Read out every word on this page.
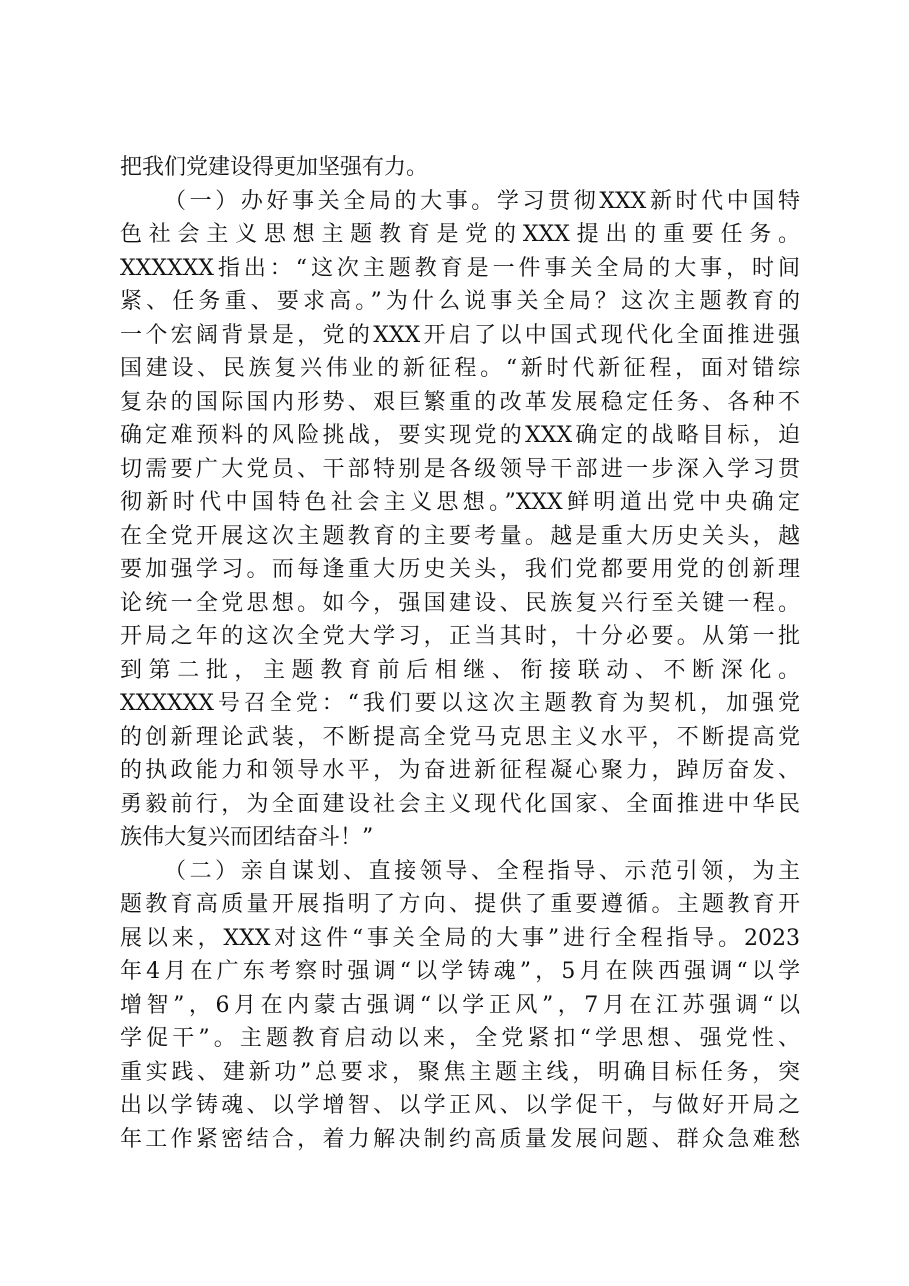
把我们党建设得更加坚强有力。
（一）办好事关全局的大事。学习贯彻XXX新时代中国特
色社会主义思想主题教育是党的XXX提出的重要任务。
XXXXXX指出：“这次主题教育是一件事关全局的大事，时间
紧、任务重、要求高。”为什么说事关全局？这次主题教育的
一个宏阔背景是，党的XXX开启了以中国式现代化全面推进强
国建设、民族复兴伟业的新征程。“新时代新征程，面对错综
复杂的国际国内形势、艰巨繁重的改革发展稳定任务、各种不
确定难预料的风险挑战，要实现党的XXX确定的战略目标，迫
切需要广大党员、干部特别是各级领导干部进一步深入学习贯
彻新时代中国特色社会主义思想。”XXX鲜明道出党中央确定
在全党开展这次主题教育的主要考量。越是重大历史关头，越
要加强学习。而每逢重大历史关头，我们党都要用党的创新理
论统一全党思想。如今，强国建设、民族复兴行至关键一程。
开局之年的这次全党大学习，正当其时，十分必要。从第一批
到第二批，主题教育前后相继、衔接联动、不断深化。
XXXXXX号召全党：“我们要以这次主题教育为契机，加强党
的创新理论武装，不断提高全党马克思主义水平，不断提高党
的执政能力和领导水平，为奋进新征程凝心聚力，踔厉奋发、
勇毅前行，为全面建设社会主义现代化国家、全面推进中华民
族伟大复兴而团结奋斗！”
（二）亲自谋划、直接领导、全程指导、示范引领，为主
题教育高质量开展指明了方向、提供了重要遵循。主题教育开
展以来，XXX对这件“事关全局的大事”进行全程指导。2023
年4月在广东考察时强调“以学铸魂”，5月在陕西强调“以学
增智”，6月在内蒙古强调“以学正风”，7月在江苏强调“以
学促干”。主题教育启动以来，全党紧扣“学思想、强党性、
重实践、建新功”总要求，聚焦主题主线，明确目标任务，突
出以学铸魂、以学增智、以学正风、以学促干，与做好开局之
年工作紧密结合，着力解决制约高质量发展问题、群众急难愁
